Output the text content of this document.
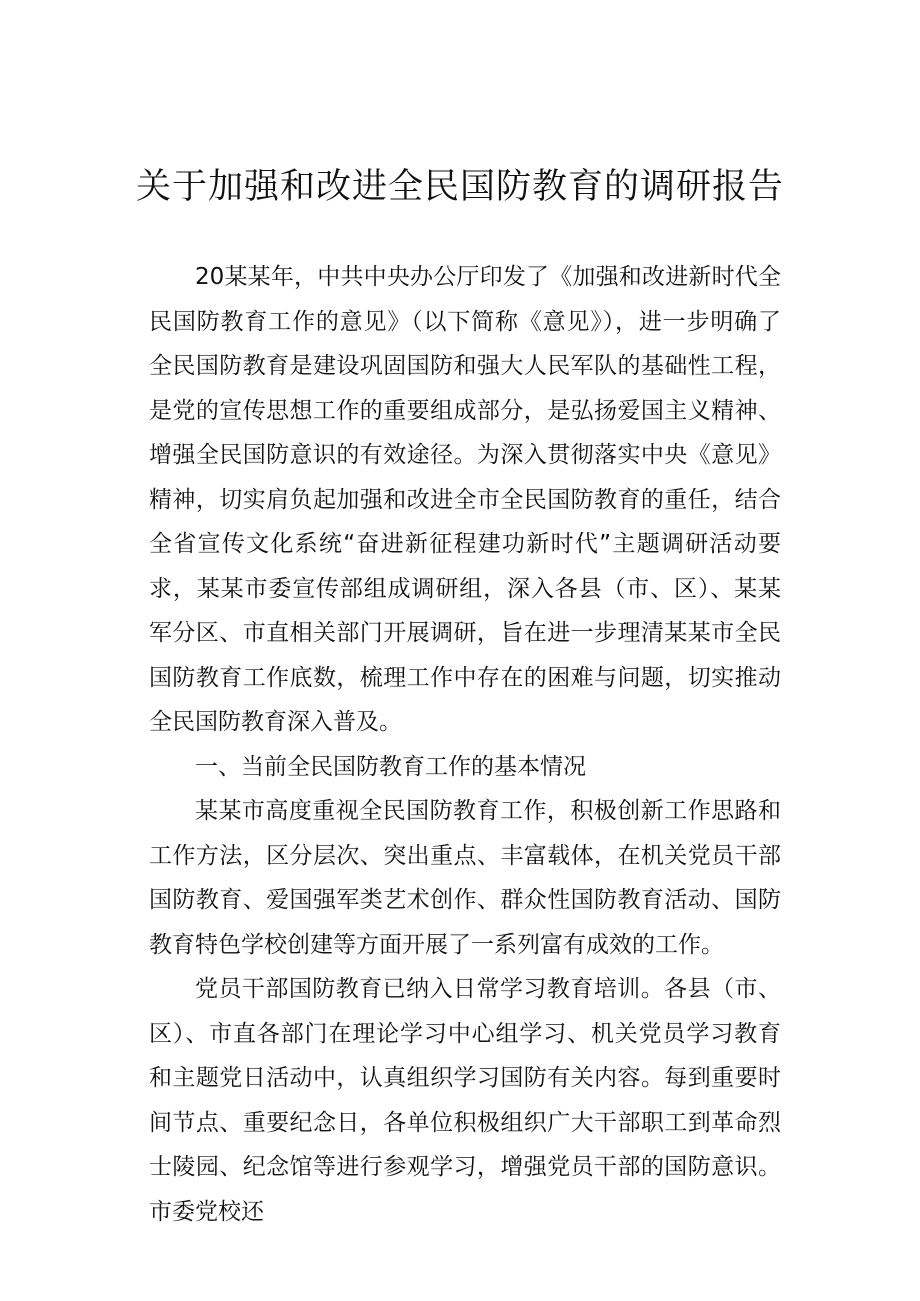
关于加强和改进全民国防教育的调研报告

20某某年，中共中央办公厅印发了《加强和改进新时代全民国防教育工作的意见》（以下简称《意见》），进一步明确了全民国防教育是建设巩固国防和强大人民军队的基础性工程，是党的宣传思想工作的重要组成部分，是弘扬爱国主义精神、增强全民国防意识的有效途径。为深入贯彻落实中央《意见》精神，切实肩负起加强和改进全市全民国防教育的重任，结合全省宣传文化系统“奋进新征程建功新时代”主题调研活动要求，某某市委宣传部组成调研组，深入各县（市、区）、某某军分区、市直相关部门开展调研，旨在进一步理清某某市全民国防教育工作底数，梳理工作中存在的困难与问题，切实推动全民国防教育深入普及。

一、当前全民国防教育工作的基本情况

某某市高度重视全民国防教育工作，积极创新工作思路和工作方法，区分层次、突出重点、丰富载体，在机关党员干部国防教育、爱国强军类艺术创作、群众性国防教育活动、国防教育特色学校创建等方面开展了一系列富有成效的工作。

党员干部国防教育已纳入日常学习教育培训。各县（市、区）、市直各部门在理论学习中心组学习、机关党员学习教育和主题党日活动中，认真组织学习国防有关内容。每到重要时间节点、重要纪念日，各单位积极组织广大干部职工到革命烈士陵园、纪念馆等进行参观学习，增强党员干部的国防意识。市委党校还
